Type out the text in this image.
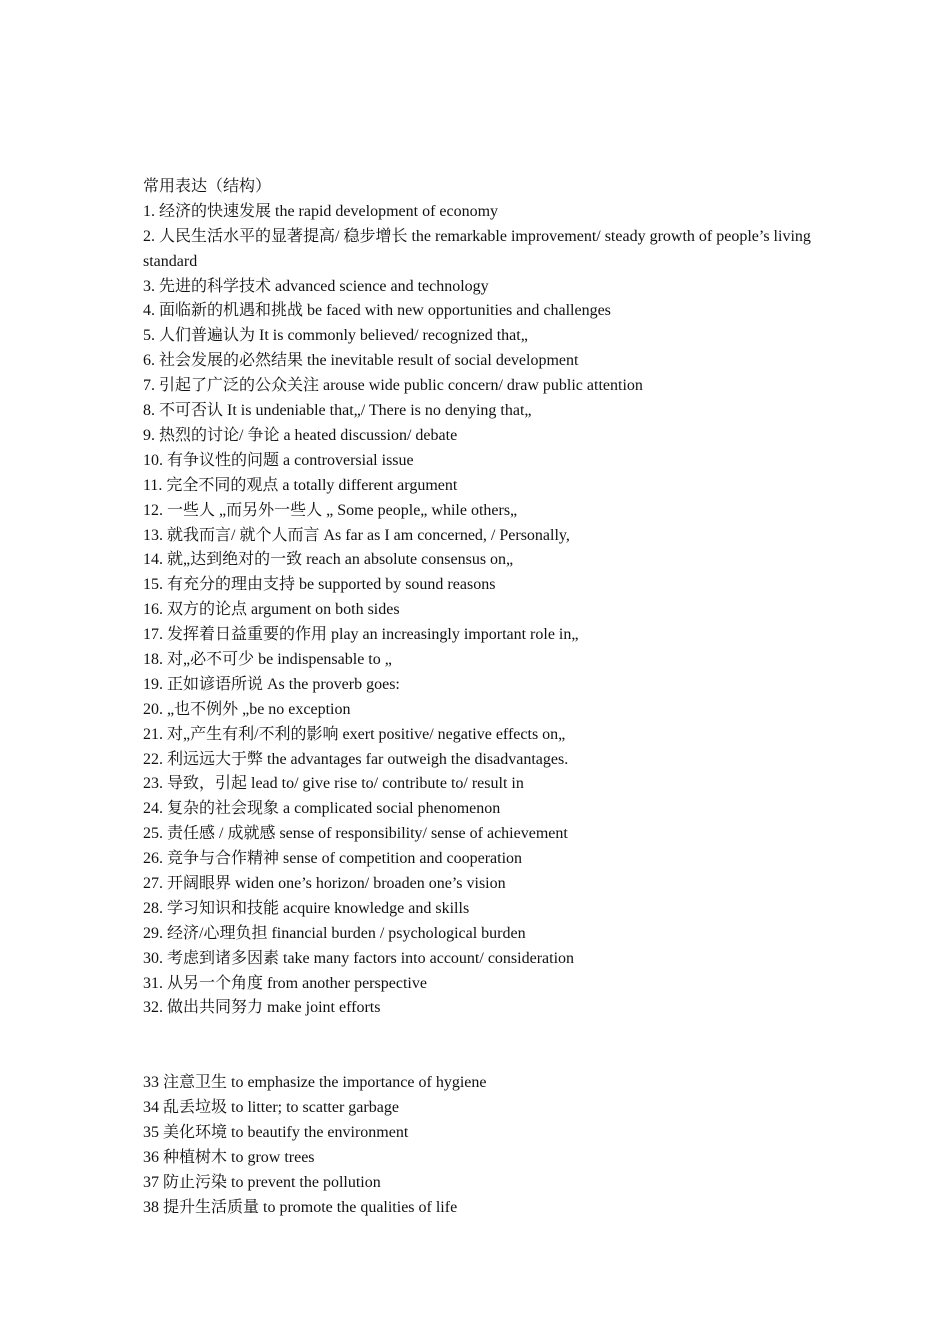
常用表达（结构）
1. 经济的快速发展 the rapid development of economy
2. 人民生活水平的显著提高/ 稳步增长 the remarkable improvement/ steady growth of people’s living standard
3. 先进的科学技术 advanced science and technology
4. 面临新的机遇和挑战 be faced with new opportunities and challenges
5. 人们普遍认为 It is commonly believed/ recognized that„
6. 社会发展的必然结果 the inevitable result of social development
7. 引起了广泛的公众关注 arouse wide public concern/ draw public attention
8. 不可否认 It is undeniable that„/ There is no denying that„
9. 热烈的讨论/ 争论 a heated discussion/ debate
10. 有争议性的问题 a controversial issue
11. 完全不同的观点 a totally different argument
12. 一些人 „而另外一些人 „ Some people„ while others„
13. 就我而言/ 就个人而言 As far as I am concerned, / Personally,
14. 就„达到绝对的一致 reach an absolute consensus on„
15. 有充分的理由支持 be supported by sound reasons
16. 双方的论点 argument on both sides
17. 发挥着日益重要的作用 play an increasingly important role in„
18. 对„必不可少 be indispensable to „
19. 正如谚语所说 As the proverb goes:
20. „也不例外 „be no exception
21. 对„产生有利/不利的影响 exert positive/ negative effects on„
22. 利远远大于弊 the advantages far outweigh the disadvantages.
23. 导致，引起 lead to/ give rise to/ contribute to/ result in
24. 复杂的社会现象 a complicated social phenomenon
25. 责任感 / 成就感 sense of responsibility/ sense of achievement
26. 竞争与合作精神 sense of competition and cooperation
27. 开阔眼界 widen one’s horizon/ broaden one’s vision
28. 学习知识和技能 acquire knowledge and skills
29. 经济/心理负担 financial burden / psychological burden
30. 考虑到诸多因素 take many factors into account/ consideration
31. 从另一个角度 from another perspective
32. 做出共同努力 make joint efforts
33 注意卫生 to emphasize the importance of hygiene
34 乱丢垃圾 to litter; to scatter garbage
35 美化环境 to beautify the environment
36 种植树木 to grow trees
37 防止污染 to prevent the pollution
38 提升生活质量 to promote the qualities of life
